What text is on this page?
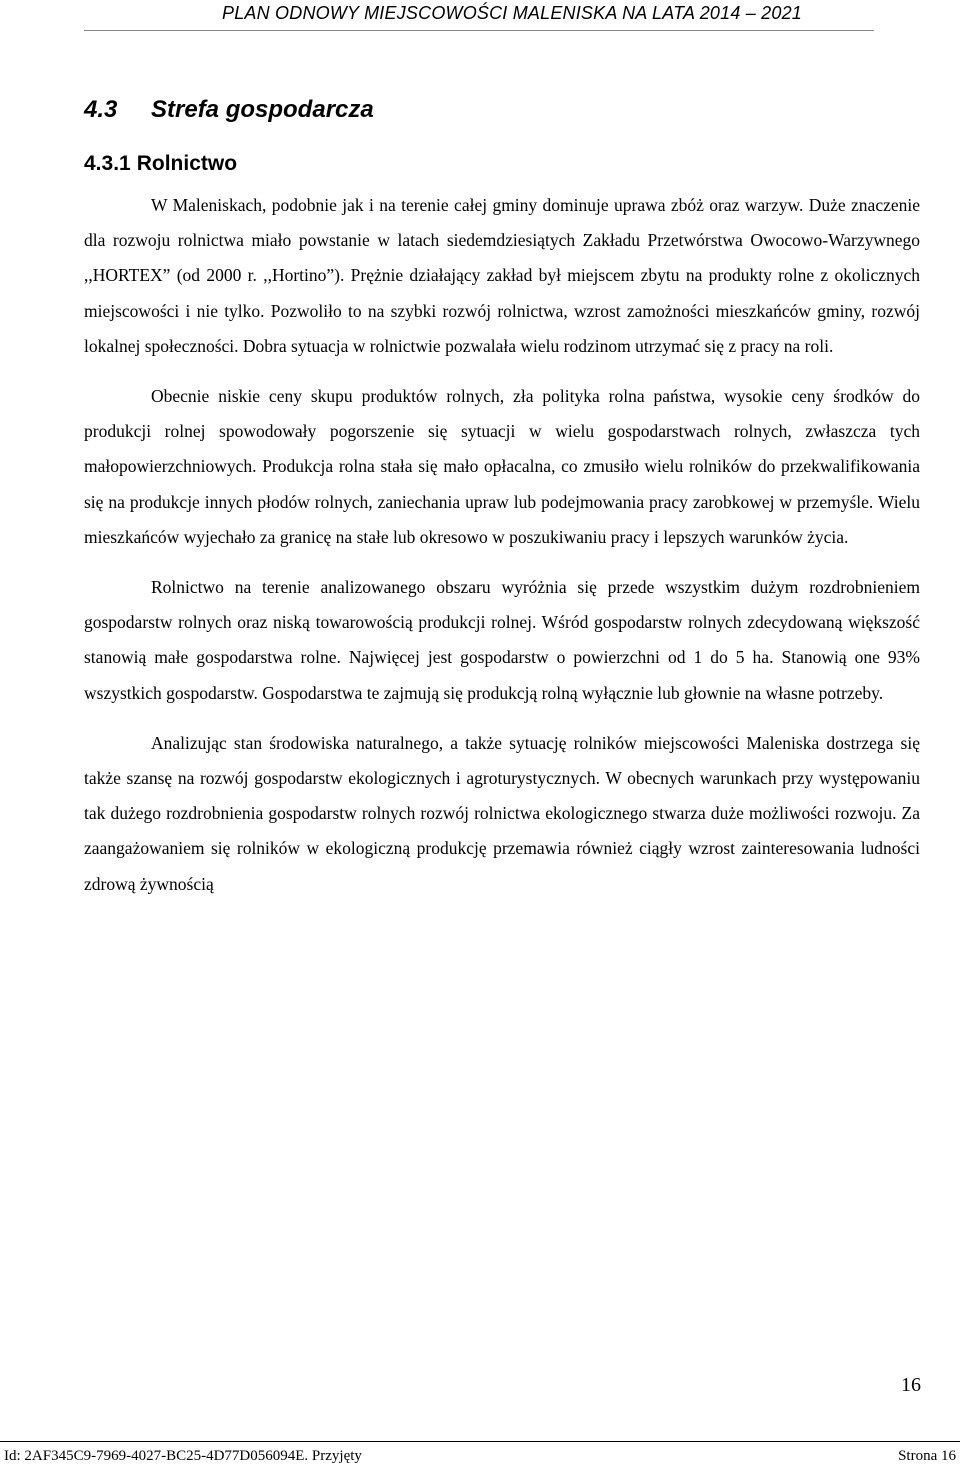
PLAN ODNOWY MIEJSCOWOŚCI MALENISKA NA LATA 2014 – 2021
4.3 Strefa gospodarcza
4.3.1 Rolnictwo

W Maleniskach, podobnie jak i na terenie całej gminy dominuje uprawa zbóż oraz warzyw. Duże znaczenie dla rozwoju rolnictwa miało powstanie w latach siedemdziesiątych Zakładu Przetwórstwa Owocowo-Warzywnego ,,HORTEX” (od 2000 r. ,,Hortino”). Prężnie działający zakład był miejscem zbytu na produkty rolne z okolicznych miejscowości i nie tylko. Pozwoliło to na szybki rozwój rolnictwa, wzrost zamożności mieszkańców gminy, rozwój lokalnej społeczności. Dobra sytuacja w rolnictwie pozwalała wielu rodzinom utrzymać się z pracy na roli.

Obecnie niskie ceny skupu produktów rolnych, zła polityka rolna państwa, wysokie ceny środków do produkcji rolnej spowodowały pogorszenie się sytuacji w wielu gospodarstwach rolnych, zwłaszcza tych małopowierzchniowych. Produkcja rolna stała się mało opłacalna, co zmusiło wielu rolników do przekwalifikowania się na produkcje innych płodów rolnych, zaniechania upraw lub podejmowania pracy zarobkowej w przemyśle. Wielu mieszkańców wyjechało za granicę na stałe lub okresowo w poszukiwaniu pracy i lepszych warunków życia.

Rolnictwo na terenie analizowanego obszaru wyróżnia się przede wszystkim dużym rozdrobnieniem gospodarstw rolnych oraz niską towarowością produkcji rolnej. Wśród gospodarstw rolnych zdecydowaną większość stanowią małe gospodarstwa rolne. Najwięcej jest gospodarstw o powierzchni od 1 do 5 ha. Stanowią one 93% wszystkich gospodarstw. Gospodarstwa te zajmują się produkcją rolną wyłącznie lub głownie na własne potrzeby.

Analizując stan środowiska naturalnego, a także sytuację rolników miejscowości Maleniska dostrzega się także szansę na rozwój gospodarstw ekologicznych i agroturystycznych. W obecnych warunkach przy występowaniu tak dużego rozdrobnienia gospodarstw rolnych rozwój rolnictwa ekologicznego stwarza duże możliwości rozwoju. Za zaangażowaniem się rolników w ekologiczną produkcję przemawia również ciągły wzrost zainteresowania ludności zdrową żywnością

16
Id: 2AF345C9-7969-4027-BC25-4D77D056094E. Przyjęty	Strona 16
